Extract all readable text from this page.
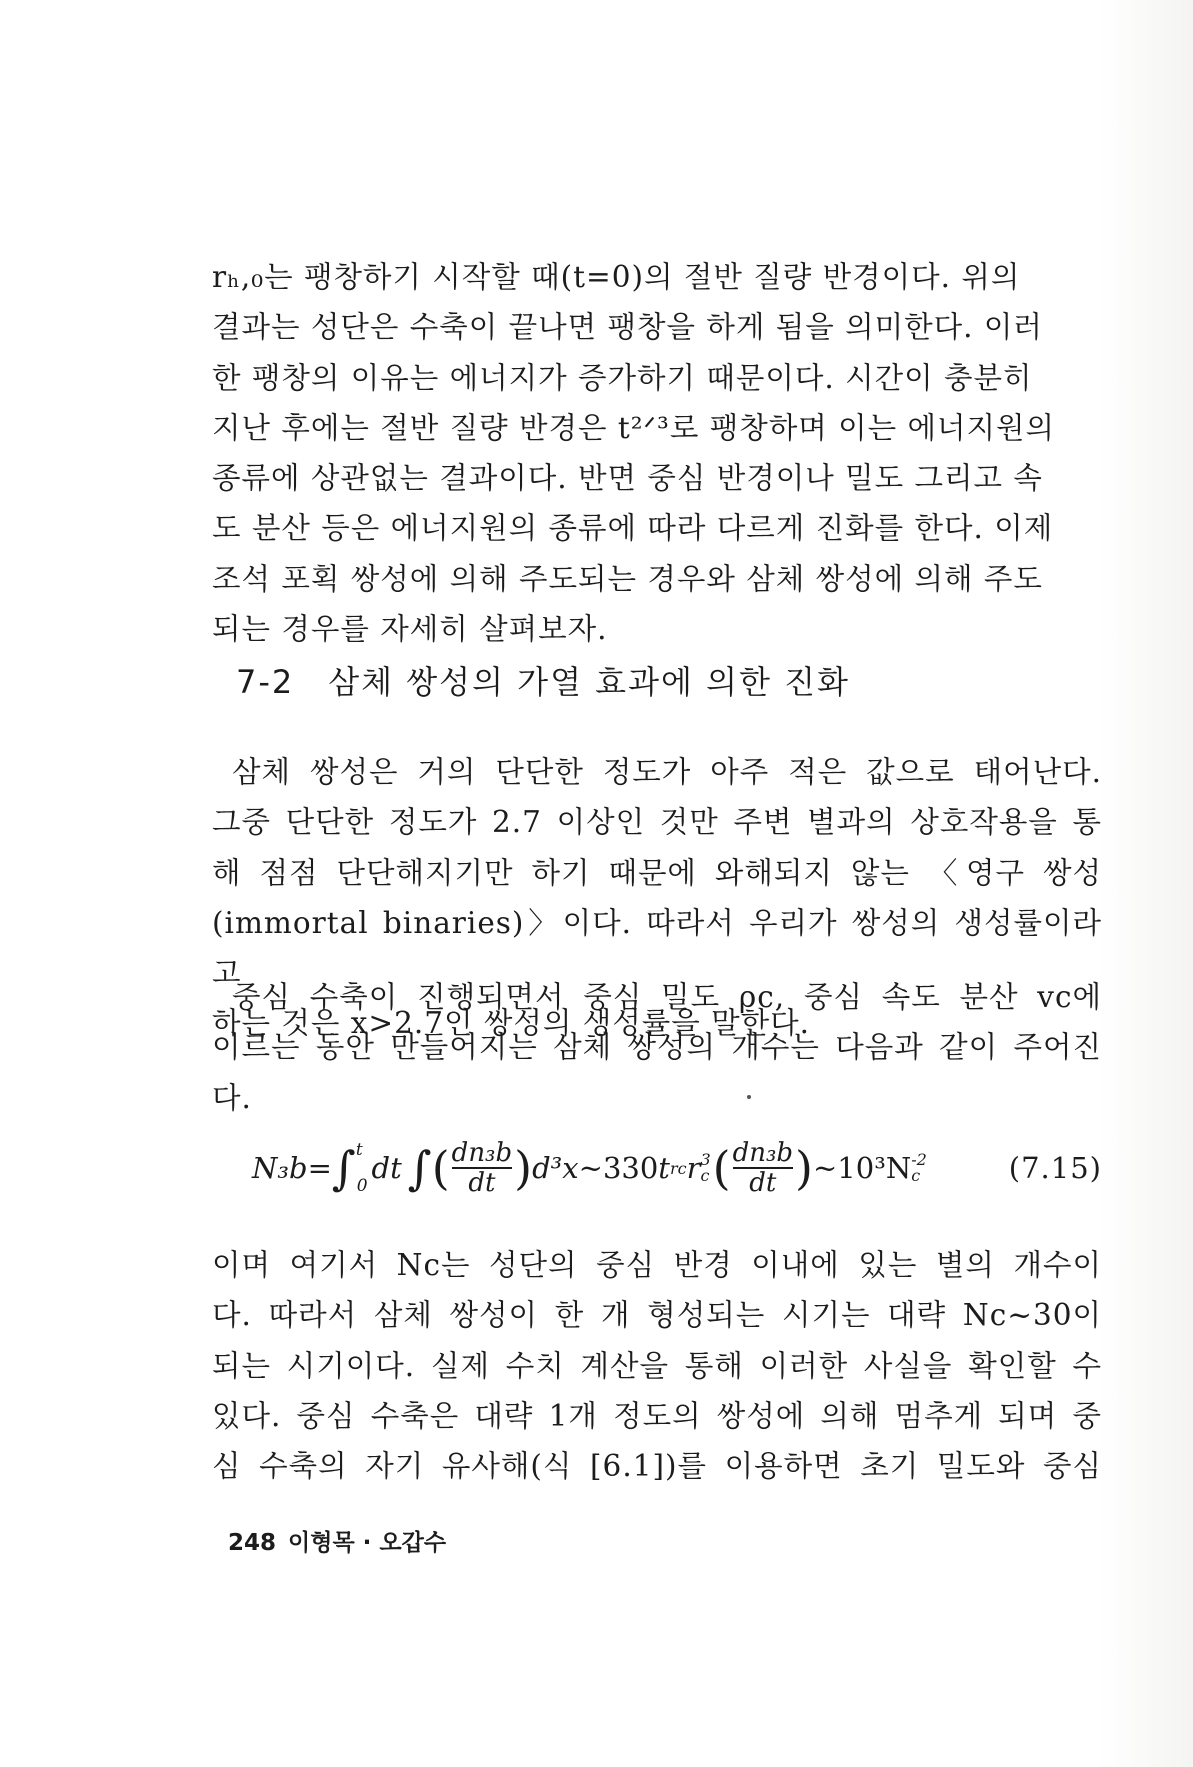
rₕ,₀는 팽창하기 시작할 때(t=0)의 절반 질량 반경이다. 위의

결과는 성단은 수축이 끝나면 팽창을 하게 됨을 의미한다. 이러

한 팽창의 이유는 에너지가 증가하기 때문이다. 시간이 충분히

지난 후에는 절반 질량 반경은 t²ᐟ³로 팽창하며 이는 에너지원의

종류에 상관없는 결과이다. 반면 중심 반경이나 밀도 그리고 속

도 분산 등은 에너지원의 종류에 따라 다르게 진화를 한다. 이제

조석 포획 쌍성에 의해 주도되는 경우와 삼체 쌍성에 의해 주도

되는 경우를 자세히 살펴보자.

7-2 삼체 쌍성의 가열 효과에 의한 진화

삼체 쌍성은 거의 단단한 정도가 아주 적은 값으로 태어난다.

그중 단단한 정도가 2.7 이상인 것만 주변 별과의 상호작용을 통

해 점점 단단해지기만 하기 때문에 와해되지 않는 〈영구 쌍성

(immortal binaries)〉이다. 따라서 우리가 쌍성의 생성률이라고

하는 것은 x>2.7인 쌍성의 생성률을 말한다.

중심 수축이 진행되면서 중심 밀도 ρc, 중심 속도 분산 vc에

이르는 동안 만들어지는 삼체 쌍성의 개수는 다음과 같이 주어진

다.

N₃b = ∫ t
0
dt ∫ ( $\frac{\text{dn₃b}}{dt}$ ) d³x ~330 t rc r 3
c ( $\frac{\text{dn₃b}}{dt}$ ) ~10³N -2
c	(7.15)

이며 여기서 Nc는 성단의 중심 반경 이내에 있는 별의 개수이

다. 따라서 삼체 쌍성이 한 개 형성되는 시기는 대략 Nc~30이

되는 시기이다. 실제 수치 계산을 통해 이러한 사실을 확인할 수

있다. 중심 수축은 대략 1개 정도의 쌍성에 의해 멈추게 되며 중

심 수축의 자기 유사해(식 [6.1])를 이용하면 초기 밀도와 중심

248 이형목 · 오갑수
